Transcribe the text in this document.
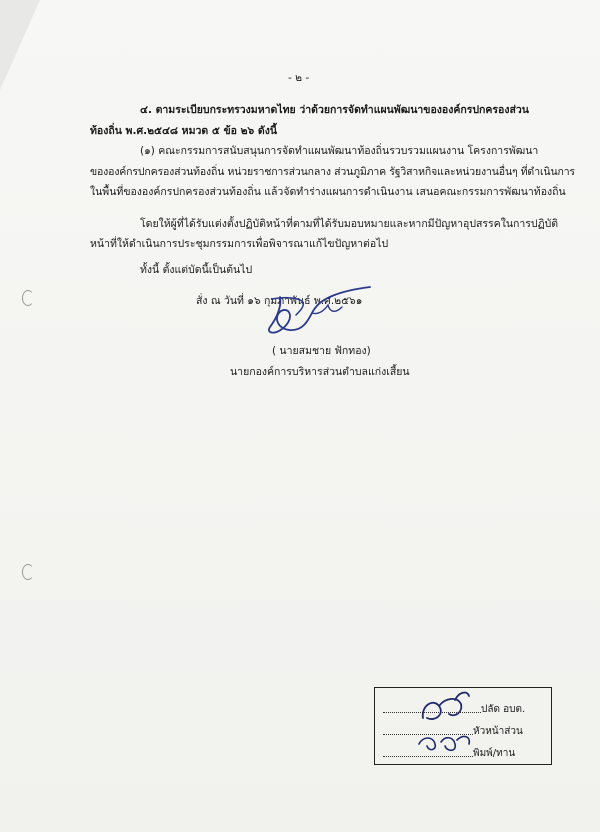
- ๒ -
๔. ตามระเบียบกระทรวงมหาดไทย ว่าด้วยการจัดทำแผนพัฒนาขององค์กรปกครองส่วน
ท้องถิ่น พ.ศ.๒๕๔๘ หมวด ๕ ข้อ ๒๖ ดังนี้
(๑) คณะกรรมการสนับสนุนการจัดทำแผนพัฒนาท้องถิ่นรวบรวมแผนงาน โครงการพัฒนา
ขององค์กรปกครองส่วนท้องถิ่น หน่วยราชการส่วนกลาง ส่วนภูมิภาค รัฐวิสาหกิจและหน่วยงานอื่นๆ ที่ดำเนินการ
ในพื้นที่ขององค์กรปกครองส่วนท้องถิ่น แล้วจัดทำร่างแผนการดำเนินงาน เสนอคณะกรรมการพัฒนาท้องถิ่น
โดยให้ผู้ที่ได้รับแต่งตั้งปฏิบัติหน้าที่ตามที่ได้รับมอบหมายและหากมีปัญหาอุปสรรคในการปฏิบัติ
หน้าที่ให้ดำเนินการประชุมกรรมการเพื่อพิจารณาแก้ไขปัญหาต่อไป
ทั้งนี้ ตั้งแต่บัดนี้เป็นต้นไป
สั่ง ณ วันที่ ๑๖ กุมภาพันธ์ พ.ศ.๒๕๖๑
( นายสมชาย ฟักทอง)
นายกองค์การบริหารส่วนตำบลแก่งเสี้ยน
ปลัด อบต.
หัวหน้าส่วน
พิมพ์/ทาน
